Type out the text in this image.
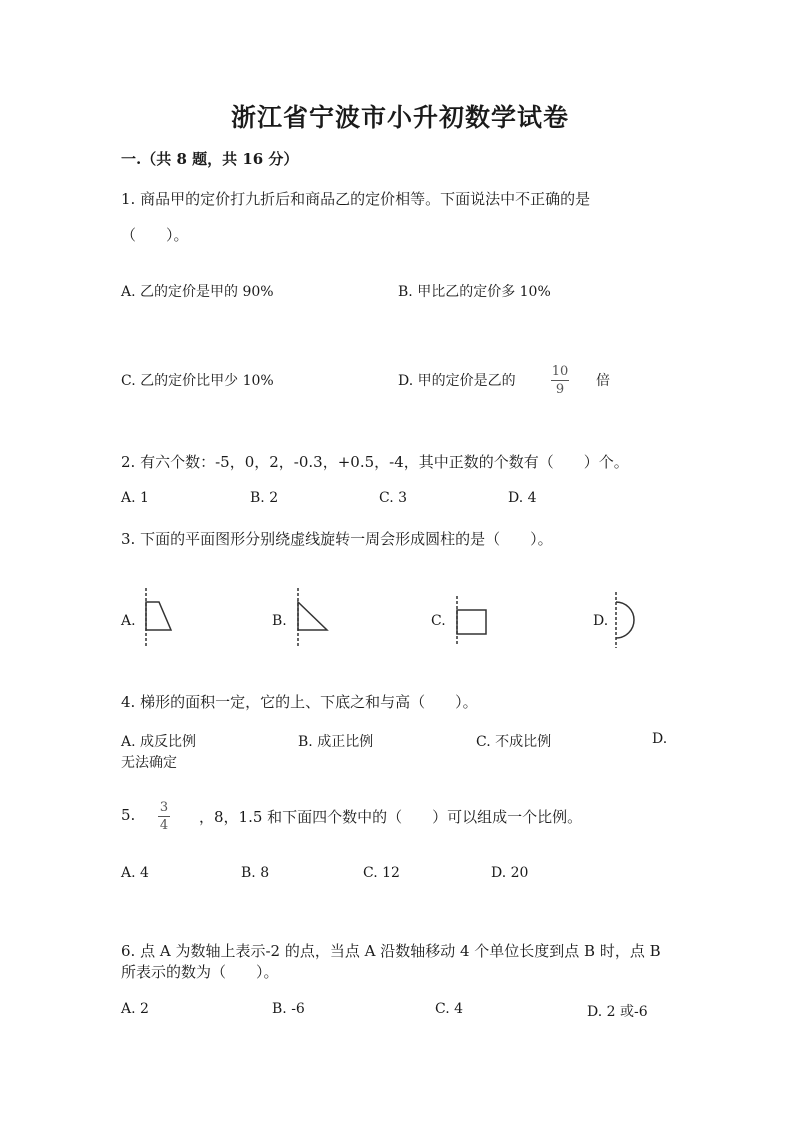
浙江省宁波市小升初数学试卷
一.（共 8 题，共 16 分）
1. 商品甲的定价打九折后和商品乙的定价相等。下面说法中不正确的是
（　　）。
A. 乙的定价是甲的 90%	B. 甲比乙的定价多 10%
C. 乙的定价比甲少 10%	D. 甲的定价是乙的
10
9
倍
2. 有六个数：-5，0，2，-0.3，+0.5，-4，其中正数的个数有（　　）个。
A. 1	B. 2	C. 3	D. 4
3. 下面的平面图形分别绕虚线旋转一周会形成圆柱的是（　　）。
A.	B.	C.	D.
4. 梯形的面积一定，它的上、下底之和与高（　　）。
A. 成反比例	B. 成正比例	C. 不成比例	D.
无法确定
5. 3
4 ，8，1.5 和下面四个数中的（　　）可以组成一个比例。
A. 4	B. 8	C. 12	D. 20
6. 点 A 为数轴上表示-2 的点，当点 A 沿数轴移动 4 个单位长度到点 B 时，点 B
所表示的数为（　　）。
A. 2	B. -6	C. 4	D. 2 或-6
